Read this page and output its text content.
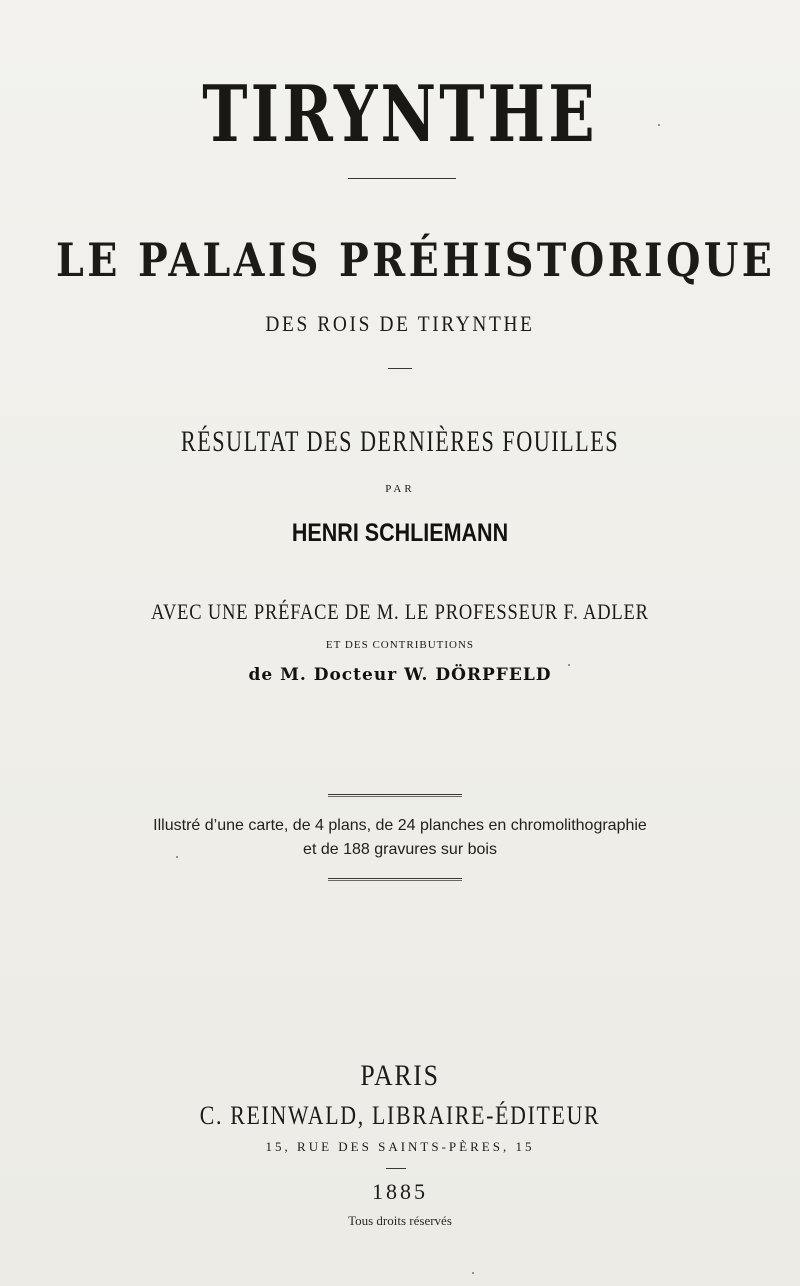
TIRYNTHE
LE PALAIS PRÉHISTORIQUE
DES ROIS DE TIRYNTHE
RÉSULTAT DES DERNIÈRES FOUILLES
PAR
HENRI SCHLIEMANN
AVEC UNE PRÉFACE DE M. LE PROFESSEUR F. ADLER
ET DES CONTRIBUTIONS
de M. Docteur W. DÖRPFELD
Illustré d’une carte, de 4 plans, de 24 planches en chromolithographie
et de 188 gravures sur bois
PARIS
C. REINWALD, LIBRAIRE-ÉDITEUR
15, RUE DES SAINTS-PÈRES, 15
1885
Tous droits réservés
